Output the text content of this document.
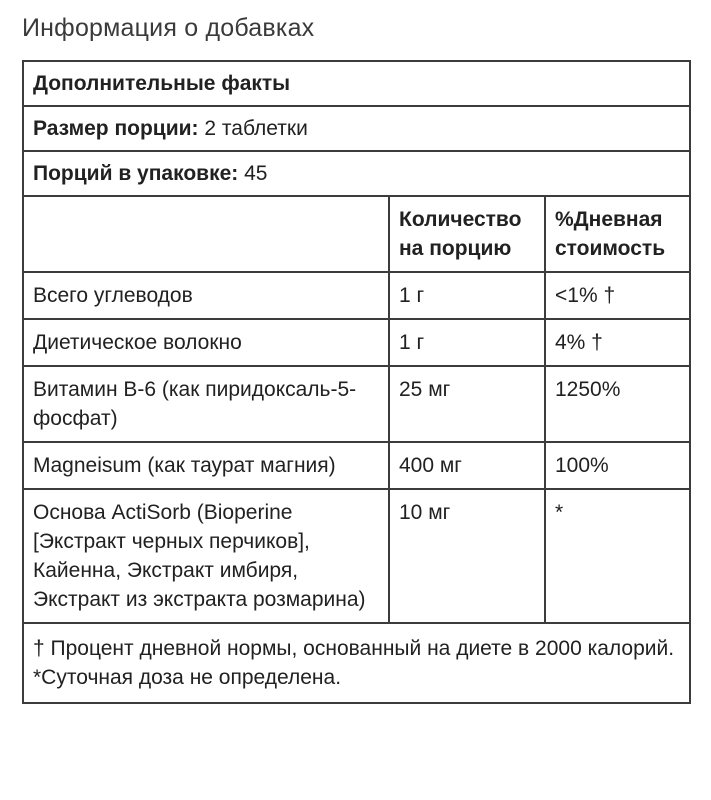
Информация о добавках
Дополнительные факты		
Размер порции: 2 таблетки		
Порций в упаковке: 45		
	Количество на порцию	%Дневная стоимость
Всего углеводов	1 г	<1% †
Диетическое волокно	1 г	4% †
Витамин B-6 (как пиридоксаль-5-фосфат)	25 мг	1250%
Magneisum (как таурат магния)	400 мг	100%
Основа ActiSorb (Bioperine [Экстракт черных перчиков], Кайенна, Экстракт имбиря, Экстракт из экстракта розмарина)	10 мг	*

† Процент дневной нормы, основанный на диете в 2000 калорий.
*Суточная доза не определена.		
